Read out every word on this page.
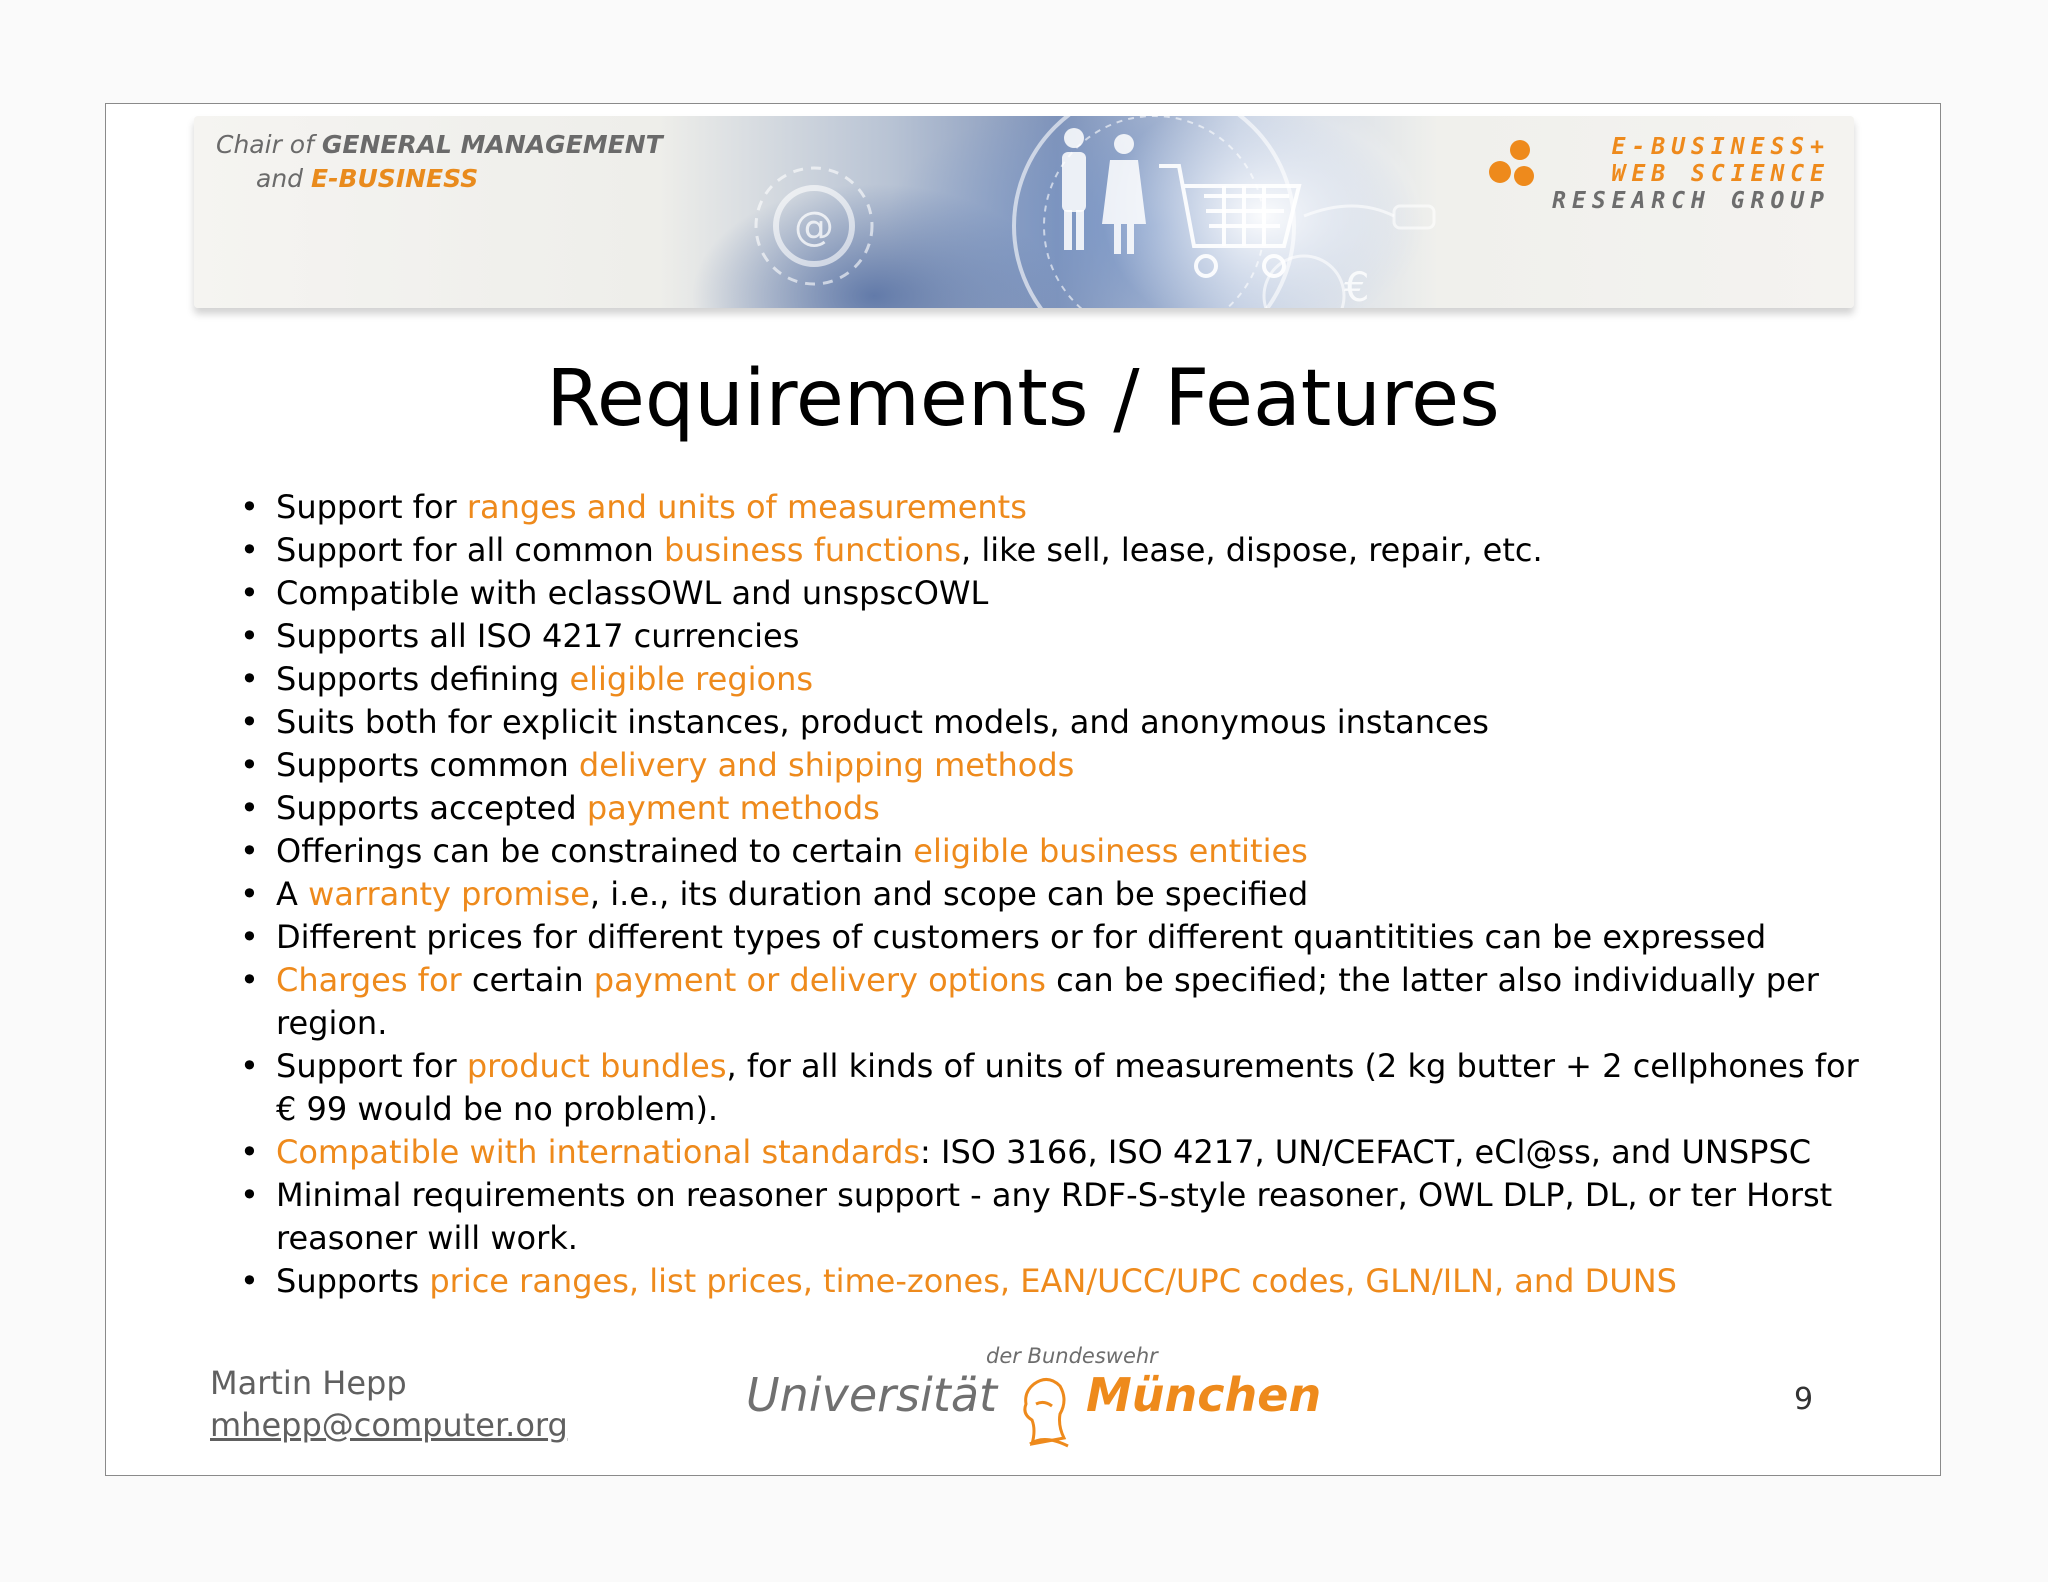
@
€
Chair of GENERAL MANAGEMENT
and E-BUSINESS
E-BUSINESS+
WEB SCIENCE
RESEARCH GROUP
Requirements / Features
• Support for ranges and units of measurements
• Support for all common business functions, like sell, lease, dispose, repair, etc.
• Compatible with eclassOWL and unspscOWL
• Supports all ISO 4217 currencies
• Supports defining eligible regions
• Suits both for explicit instances, product models, and anonymous instances
• Supports common delivery and shipping methods
• Supports accepted payment methods
• Offerings can be constrained to certain eligible business entities
• A warranty promise, i.e., its duration and scope can be specified
• Different prices for different types of customers or for different quantitities can be expressed
• Charges for certain payment or delivery options can be specified; the latter also individually per region.
• Support for product bundles, for all kinds of units of measurements (2 kg butter + 2 cellphones for € 99 would be no problem).
• Compatible with international standards: ISO 3166, ISO 4217, UN/CEFACT, eCl@ss, and UNSPSC
• Minimal requirements on reasoner support - any RDF-S-style reasoner, OWL DLP, DL, or ter Horst reasoner will work.
• Supports price ranges, list prices, time-zones, EAN/UCC/UPC codes, GLN/ILN, and DUNS
Martin Hepp
mhepp@computer.org
der Bundeswehr
Universität München	9
